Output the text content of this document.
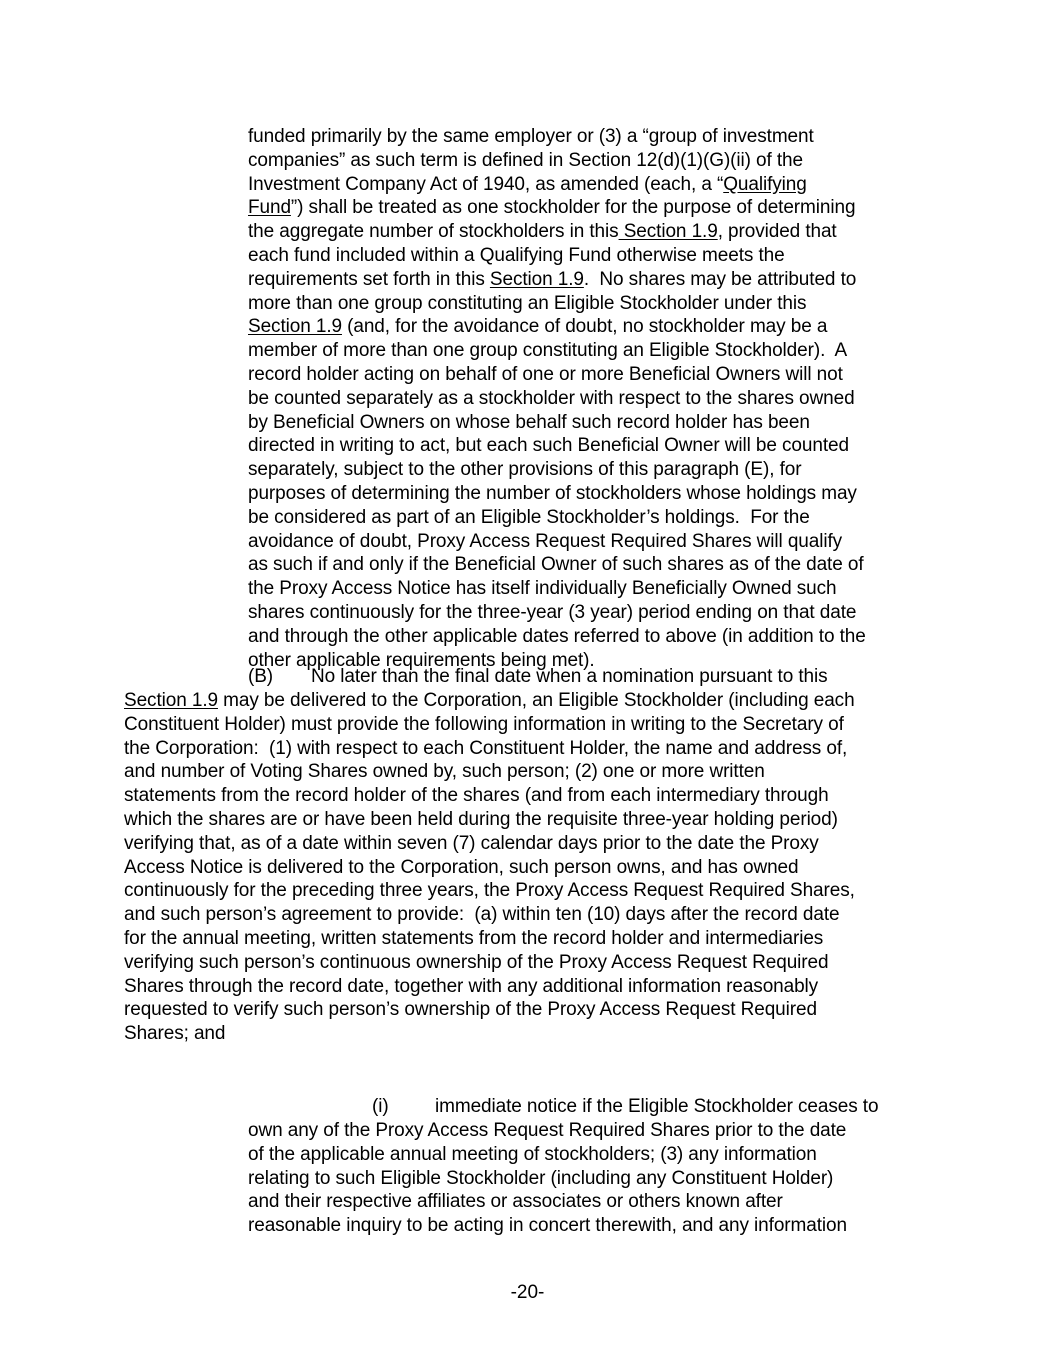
funded primarily by the same employer or (3) a “group of investment
companies” as such term is defined in Section 12(d)(1)(G)(ii) of the
Investment Company Act of 1940, as amended (each, a “Qualifying
Fund”) shall be treated as one stockholder for the purpose of determining
the aggregate number of stockholders in this Section 1.9, provided that
each fund included within a Qualifying Fund otherwise meets the
requirements set forth in this Section 1.9.  No shares may be attributed to
more than one group constituting an Eligible Stockholder under this
Section 1.9 (and, for the avoidance of doubt, no stockholder may be a
member of more than one group constituting an Eligible Stockholder).  A
record holder acting on behalf of one or more Beneficial Owners will not
be counted separately as a stockholder with respect to the shares owned
by Beneficial Owners on whose behalf such record holder has been
directed in writing to act, but each such Beneficial Owner will be counted
separately, subject to the other provisions of this paragraph (E), for
purposes of determining the number of stockholders whose holdings may
be considered as part of an Eligible Stockholder’s holdings.  For the
avoidance of doubt, Proxy Access Request Required Shares will qualify
as such if and only if the Beneficial Owner of such shares as of the date of
the Proxy Access Notice has itself individually Beneficially Owned such
shares continuously for the three-year (3 year) period ending on that date
and through the other applicable dates referred to above (in addition to the
other applicable requirements being met).
(B) No later than the final date when a nomination pursuant to this
Section 1.9 may be delivered to the Corporation, an Eligible Stockholder (including each
Constituent Holder) must provide the following information in writing to the Secretary of
the Corporation:  (1) with respect to each Constituent Holder, the name and address of,
and number of Voting Shares owned by, such person; (2) one or more written
statements from the record holder of the shares (and from each intermediary through
which the shares are or have been held during the requisite three-year holding period)
verifying that, as of a date within seven (7) calendar days prior to the date the Proxy
Access Notice is delivered to the Corporation, such person owns, and has owned
continuously for the preceding three years, the Proxy Access Request Required Shares,
and such person’s agreement to provide:  (a) within ten (10) days after the record date
for the annual meeting, written statements from the record holder and intermediaries
verifying such person’s continuous ownership of the Proxy Access Request Required
Shares through the record date, together with any additional information reasonably
requested to verify such person’s ownership of the Proxy Access Request Required
Shares; and
(i) immediate notice if the Eligible Stockholder ceases to
own any of the Proxy Access Request Required Shares prior to the date
of the applicable annual meeting of stockholders; (3) any information
relating to such Eligible Stockholder (including any Constituent Holder)
and their respective affiliates or associates or others known after
reasonable inquiry to be acting in concert therewith, and any information
-20-
